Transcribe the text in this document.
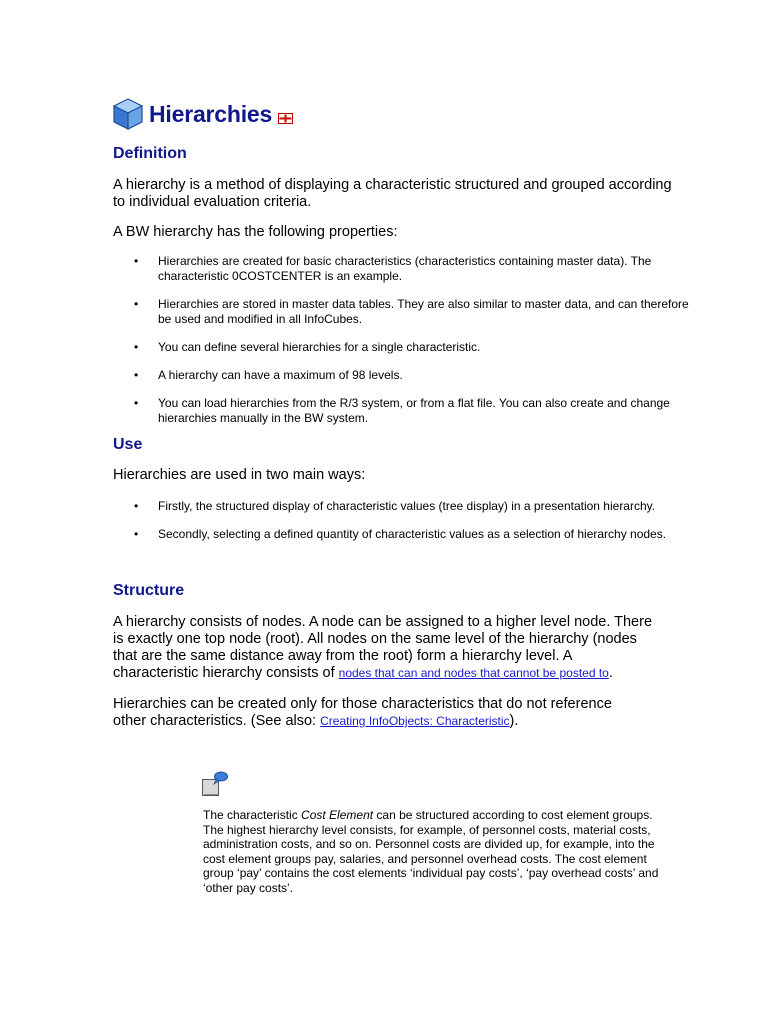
Hierarchies
Definition

A hierarchy is a method of displaying a characteristic structured and grouped according to individual evaluation criteria.

A BW hierarchy has the following properties:

• Hierarchies are created for basic characteristics (characteristics containing master data). The characteristic 0COSTCENTER is an example.
• Hierarchies are stored in master data tables. They are also similar to master data, and can therefore be used and modified in all InfoCubes.
• You can define several hierarchies for a single characteristic.
• A hierarchy can have a maximum of 98 levels.
• You can load hierarchies from the R/3 system, or from a flat file. You can also create and change hierarchies manually in the BW system.
Use

Hierarchies are used in two main ways:

• Firstly, the structured display of characteristic values (tree display) in a presentation hierarchy.
• Secondly, selecting a defined quantity of characteristic values as a selection of hierarchy nodes.
Structure

A hierarchy consists of nodes. A node can be assigned to a higher level node. There is exactly one top node (root). All nodes on the same level of the hierarchy (nodes that are the same distance away from the root) form a hierarchy level. A characteristic hierarchy consists of nodes that can and nodes that cannot be posted to.

Hierarchies can be created only for those characteristics that do not reference other characteristics. (See also: Creating InfoObjects: Characteristic).

The characteristic Cost Element can be structured according to cost element groups. The highest hierarchy level consists, for example, of personnel costs, material costs, administration costs, and so on. Personnel costs are divided up, for example, into the cost element groups pay, salaries, and personnel overhead costs. The cost element group ‘pay’ contains the cost elements ‘individual pay costs’, ‘pay overhead costs’ and ‘other pay costs’.
